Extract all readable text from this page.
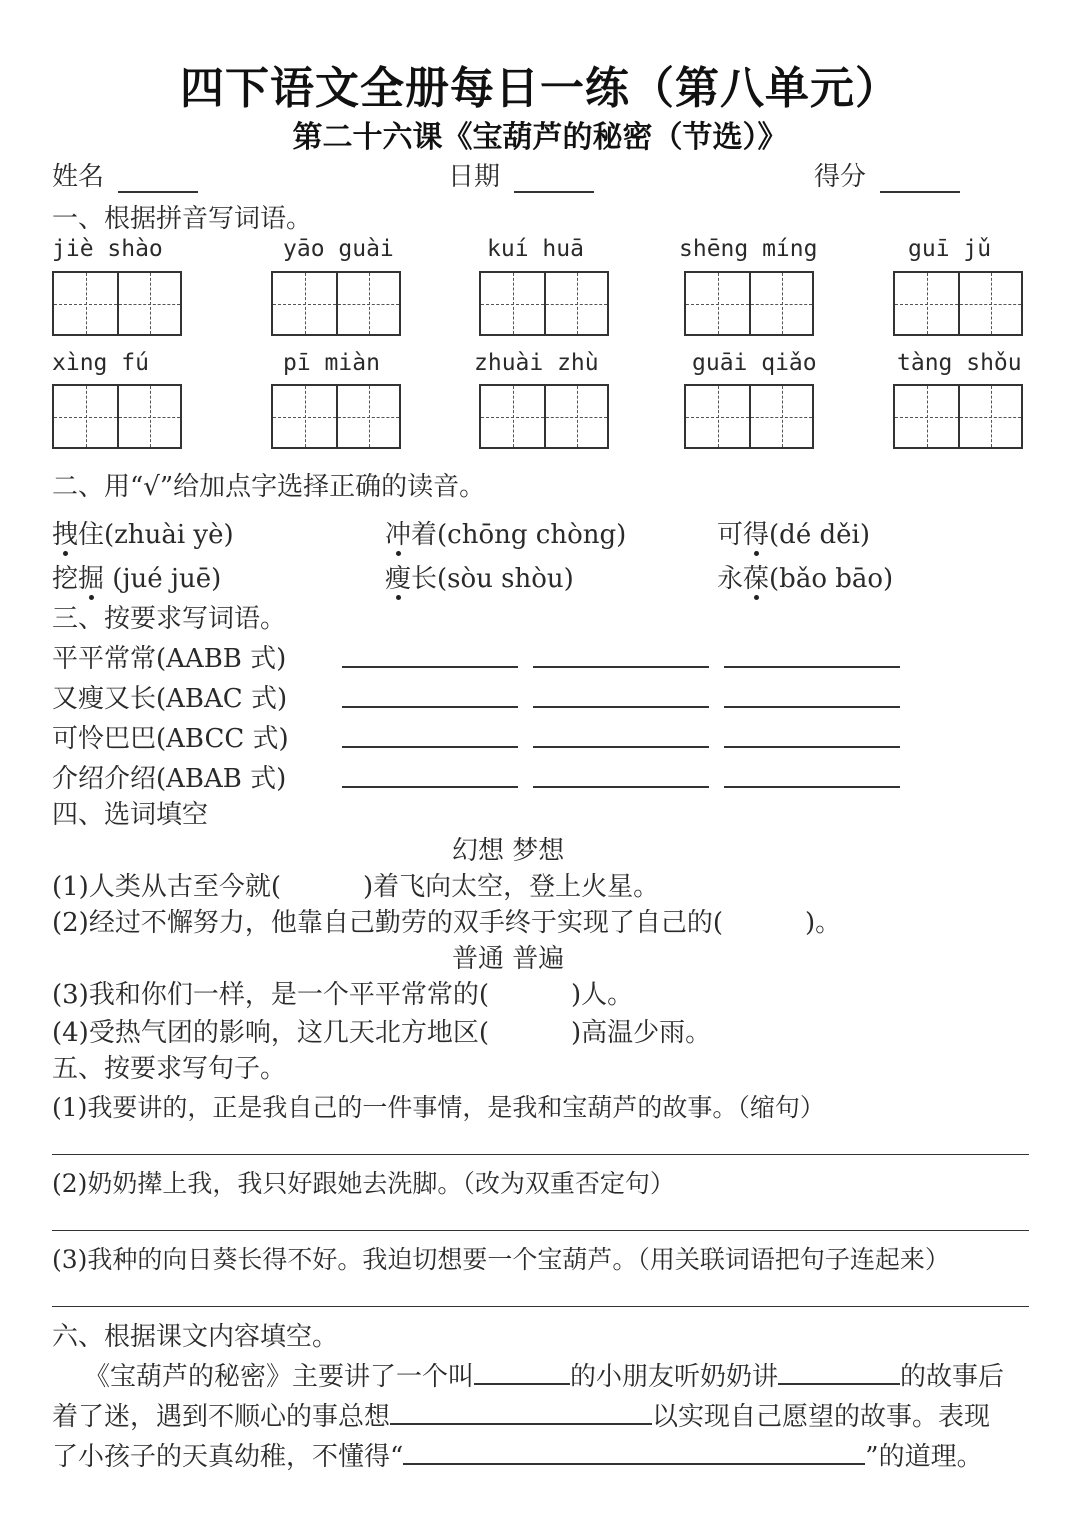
四下语文全册每日一练（第八单元）
第二十六课《宝葫芦的秘密（节选）》
姓名	日期	得分
一、根据拼音写词语。
jiè shào	yāo guài	kuí huā	shēng míng	guī jǔ
xìng fú	pī miàn	zhuài zhù	guāi qiǎo	tàng shǒu
二、用“√”给加点字选择正确的读音。
拽住(zhuài yè)	冲着(chōng chòng)	可得(dé děi)
挖掘 (jué juē)	瘦长(sòu shòu)	永葆(bǎo bāo)
三、按要求写词语。
平平常常(AABB 式)
又瘦又长(ABAC 式)
可怜巴巴(ABCC 式)
介绍介绍(ABAB 式)
四、选词填空
幻想 梦想
(1)人类从古至今就(	)着飞向太空，登上火星。
(2)经过不懈努力，他靠自己勤劳的双手终于实现了自己的(	)。
普通 普遍
(3)我和你们一样，是一个平平常常的(	)人。
(4)受热气团的影响，这几天北方地区(	)高温少雨。
五、按要求写句子。
(1)我要讲的，正是我自己的一件事情，是我和宝葫芦的故事。（缩句）
(2)奶奶撵上我，我只好跟她去洗脚。（改为双重否定句）
(3)我种的向日葵长得不好。我迫切想要一个宝葫芦。（用关联词语把句子连起来）
六、根据课文内容填空。
《宝葫芦的秘密》主要讲了一个叫	的小朋友听奶奶讲	的故事后
着了迷，遇到不顺心的事总想	以实现自己愿望的故事。表现
了小孩子的天真幼稚，不懂得“	”的道理。
